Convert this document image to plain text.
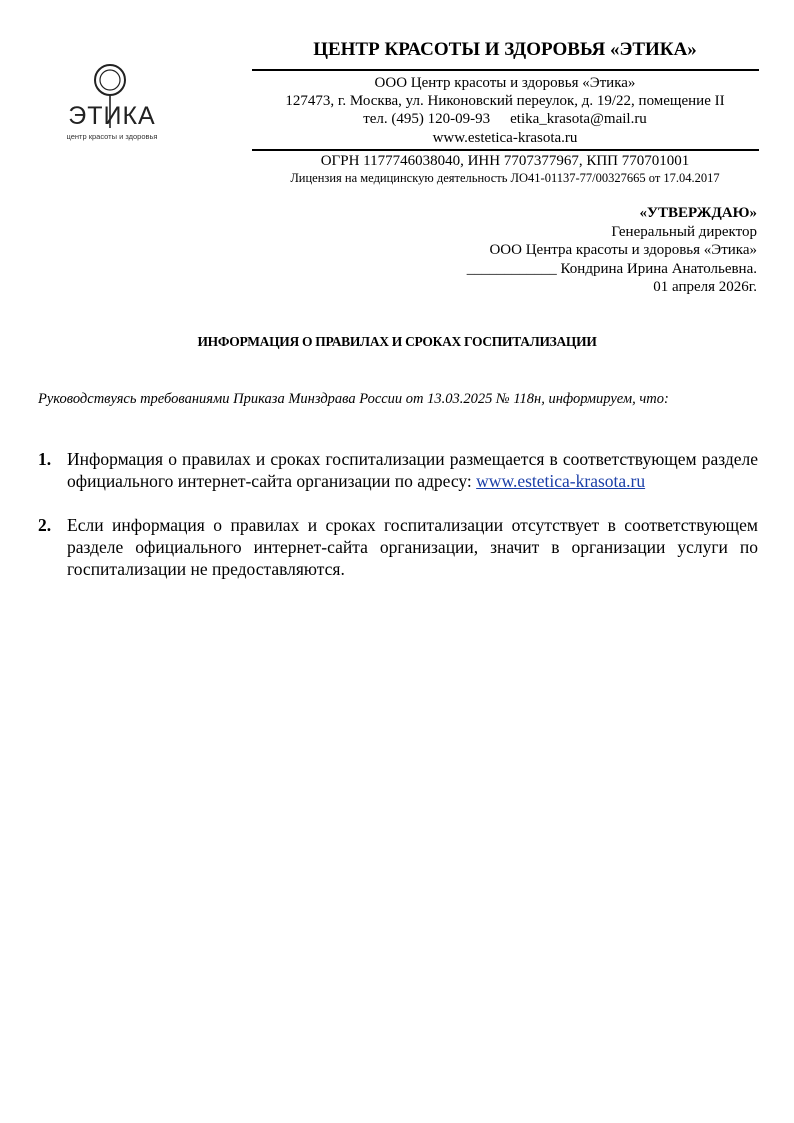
ЭТИКА
центр красоты и здоровья
ЦЕНТР КРАСОТЫ И ЗДОРОВЬЯ «ЭТИКА»
ООО Центр красоты и здоровья «Этика»
127473, г. Москва, ул. Никоновский переулок, д. 19/22, помещение II
тел. (495) 120-09-93 etika_krasota@mail.ru
www.estetica-krasota.ru
ОГРН 1177746038040, ИНН 7707377967, КПП 770701001
Лицензия на медицинскую деятельность ЛО41-01137-77/00327665 от 17.04.2017
«УТВЕРЖДАЮ»
Генеральный директор
ООО Центра красоты и здоровья «Этика»
____________ Кондрина Ирина Анатольевна.
01 апреля 2026г.
ИНФОРМАЦИЯ О ПРАВИЛАХ И СРОКАХ ГОСПИТАЛИЗАЦИИ
Руководствуясь требованиями Приказа Минздрава России от 13.03.2025 № 118н, информируем, что:
1. Информация о правилах и сроках госпитализации размещается в соответствующем разделе официального интернет-сайта организации по адресу: www.estetica-krasota.ru
2. Если информация о правилах и сроках госпитализации отсутствует в соответствующем разделе официального интернет-сайта организации, значит в организации услуги по госпитализации не предоставляются.
